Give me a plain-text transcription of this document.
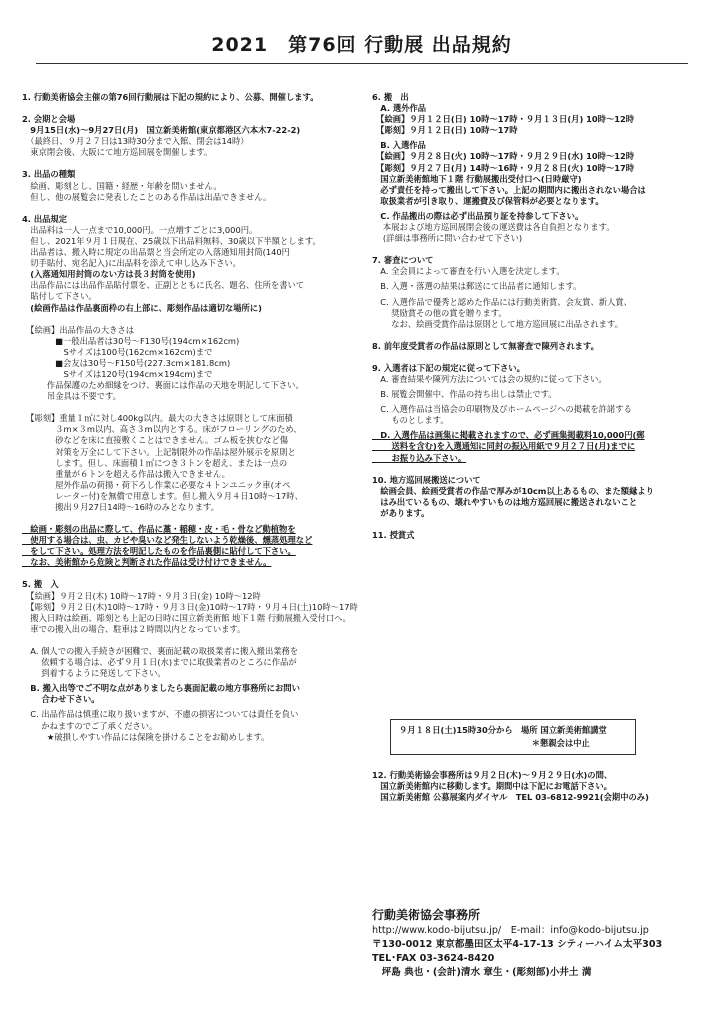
2021　第76回 行動展 出品規約
1. 行動美術協会主催の第76回行動展は下記の規約により、公募、開催します。
2. 会期と会場
　9月15日(水)～9月27日(月)　国立新美術館(東京都港区六本木7-22-2)
　（最終日、９月２７日は13時30分まで入館、閉会は14時）
　東京閉会後、大阪にて地方巡回展を開催します。
3. 出品の種類
　絵画、彫刻とし、国籍・経歴・年齢を問いません。
　但し、他の展覧会に発表したことのある作品は出品できません。
4. 出品規定
　出品料は一人一点まで10,000円。一点増すごとに3,000円。
　但し、2021年９月１日現在、25歳以下出品料無料、30歳以下半額とします。
　出品者は、搬入時に規定の出品票と当会所定の入落通知用封筒(140円
　切手貼付、宛名記入)に出品料を添えて申し込み下さい。
　(入落通知用封筒のない方は長３封筒を使用)
　出品作品には出品作品貼付票を、正副とともに氏名、題名、住所を書いて
　貼付して下さい。
　(絵画作品は作品裏面枠の右上部に、彫刻作品は適切な場所に)
　【絵画】出品作品の大きさは
　　　　■一般出品者は30号～F130号(194cm×162cm)
　　　　　Sサイズは100号(162cm×162cm)まで
　　　　■会友は30号～F150号(227.3cm×181.8cm)
　　　　　Sサイズは120号(194cm×194cm)まで
　　　作品保護のため細縁をつけ、裏面には作品の天地を明記して下さい。
　　　吊金具は不要です。
　【彫刻】重量１㎡に対し400kg以内。最大の大きさは原則として床面積
　　　　３m×３m以内、高さ３m以内とする。床がフローリングのため、
　　　　砂などを床に直接敷くことはできません。ゴム板を挟むなど傷
　　　　対策を万全にして下さい。上記制限外の作品は屋外展示を原則と
　　　　します。但し、床面積１㎡につき３トンを超え、または一点の
　　　　重量が６トンを超える作品は搬入できません。
　　　　屋外作品の荷揚・荷下ろし作業に必要な４トンユニック車(オペ
　　　　レーター付)を無償で用意します。但し搬入９月４日10時～17時、
　　　　搬出９月27日14時～16時のみとなります。
　絵画・彫刻の出品に際して、作品に藁・稲穂・皮・毛・骨など動植物を
　使用する場合は、虫、カビや臭いなど発生しないよう乾燥後、燻蒸処理など
　をして下さい。処理方法を明記したものを作品裏側に貼付して下さい。
　なお、美術館から危険と判断された作品は受け付けできません。
5. 搬　入
　【絵画】９月２日(木) 10時～17時・９月３日(金) 10時～12時
　【彫刻】９月２日(木)10時～17時・９月３日(金)10時～17時・９月４日(土)10時～17時
　搬入日時は絵画、彫刻とも上記の日時に国立新美術館 地下１階 行動展搬入受付口へ。
　車での搬入出の場合、駐車は２時間以内となっています。
　A. 個人での搬入手続きが困難で、裏面記載の取扱業者に搬入搬出業務を
　　 依頼する場合は、必ず９月１日(水)までに取扱業者のところに作品が
　　 到着するように発送して下さい。
　B. 搬入出等でご不明な点がありましたら裏面記載の地方事務所にお問い
　　 合わせ下さい。
　C. 出品作品は慎重に取り扱いますが、不慮の損害については責任を負い
　　 かねますのでご了承ください。
　　　★破損しやすい作品には保険を掛けることをお勧めします。
6. 搬　出
　A. 選外作品
　【絵画】９月１２日(日) 10時～17時・９月１３日(月) 10時～12時
　【彫刻】９月１２日(日) 10時～17時
　B. 入選作品
　【絵画】９月２８日(火) 10時～17時・９月２９日(水) 10時～12時
　【彫刻】９月２７日(月) 14時～16時・９月２８日(火) 10時～17時
　国立新美術館地下１階 行動展搬出受付口へ(日時厳守)
　必ず責任を持って搬出して下さい。上記の期間内に搬出されない場合は
　取扱業者が引き取り、運搬費及び保管料が必要となります。
　C. 作品搬出の際は必ず出品預り証を持参して下さい。
　 本展および地方巡回展閉会後の運送費は各自負担となります。
　 (詳細は事務所に問い合わせて下さい)
7. 審査について
　A. 全会員によって審査を行い入選を決定します。
　B. 入選・落選の結果は郵送にて出品者に通知します。
　C. 入選作品で優秀と認めた作品には行動美術賞、会友賞、新人賞、
　　 奨励賞その他の賞を贈ります。
　　 なお、絵画受賞作品は原則として地方巡回展に出品されます。
8. 前年度受賞者の作品は原則として無審査で陳列されます。
9. 入選者は下記の規定に従って下さい。
　A. 審査結果や陳列方法については会の規約に従って下さい。
　B. 展覧会開催中、作品の持ち出しは禁止です。
　C. 入選作品は当協会の印刷物及びホームページへの掲載を許諾する
　　 ものとします。
　D. 入選作品は画集に掲載されますので、必ず画集掲載料10,000円(郵
　　 送料を含む)を入選通知に同封の振込用紙で９月２７日(月)までに
　　 お振り込み下さい。
10. 地方巡回展搬送について
　絵画会員、絵画受賞者の作品で厚みが10cm以上あるもの、また額縁より
　はみ出ているもの、壊れやすいものは地方巡回展に搬送されないこと
　があります。
11. 授賞式
９月１８日(土)15時30分から　場所 国立新美術館講堂
　　　　　　　　　　　　　　　　＊懇親会は中止
12. 行動美術協会事務所は９月２日(木)～９月２９日(水)の間、
　国立新美術館内に移動します。期間中は下記にお電話下さい。
　国立新美術館 公募展案内ダイヤル　TEL 03-6812-9921(会期中のみ)
行動美術協会事務所
http://www.kodo-bijutsu.jp/　E-mail：info@kodo-bijutsu.jp
〒130-0012 東京都墨田区太平4-17-13 シティーハイム太平303
TEL･FAX 03-3624-8420
　坪島 典也・(会計)清水 章生・(彫刻部)小井土 満
